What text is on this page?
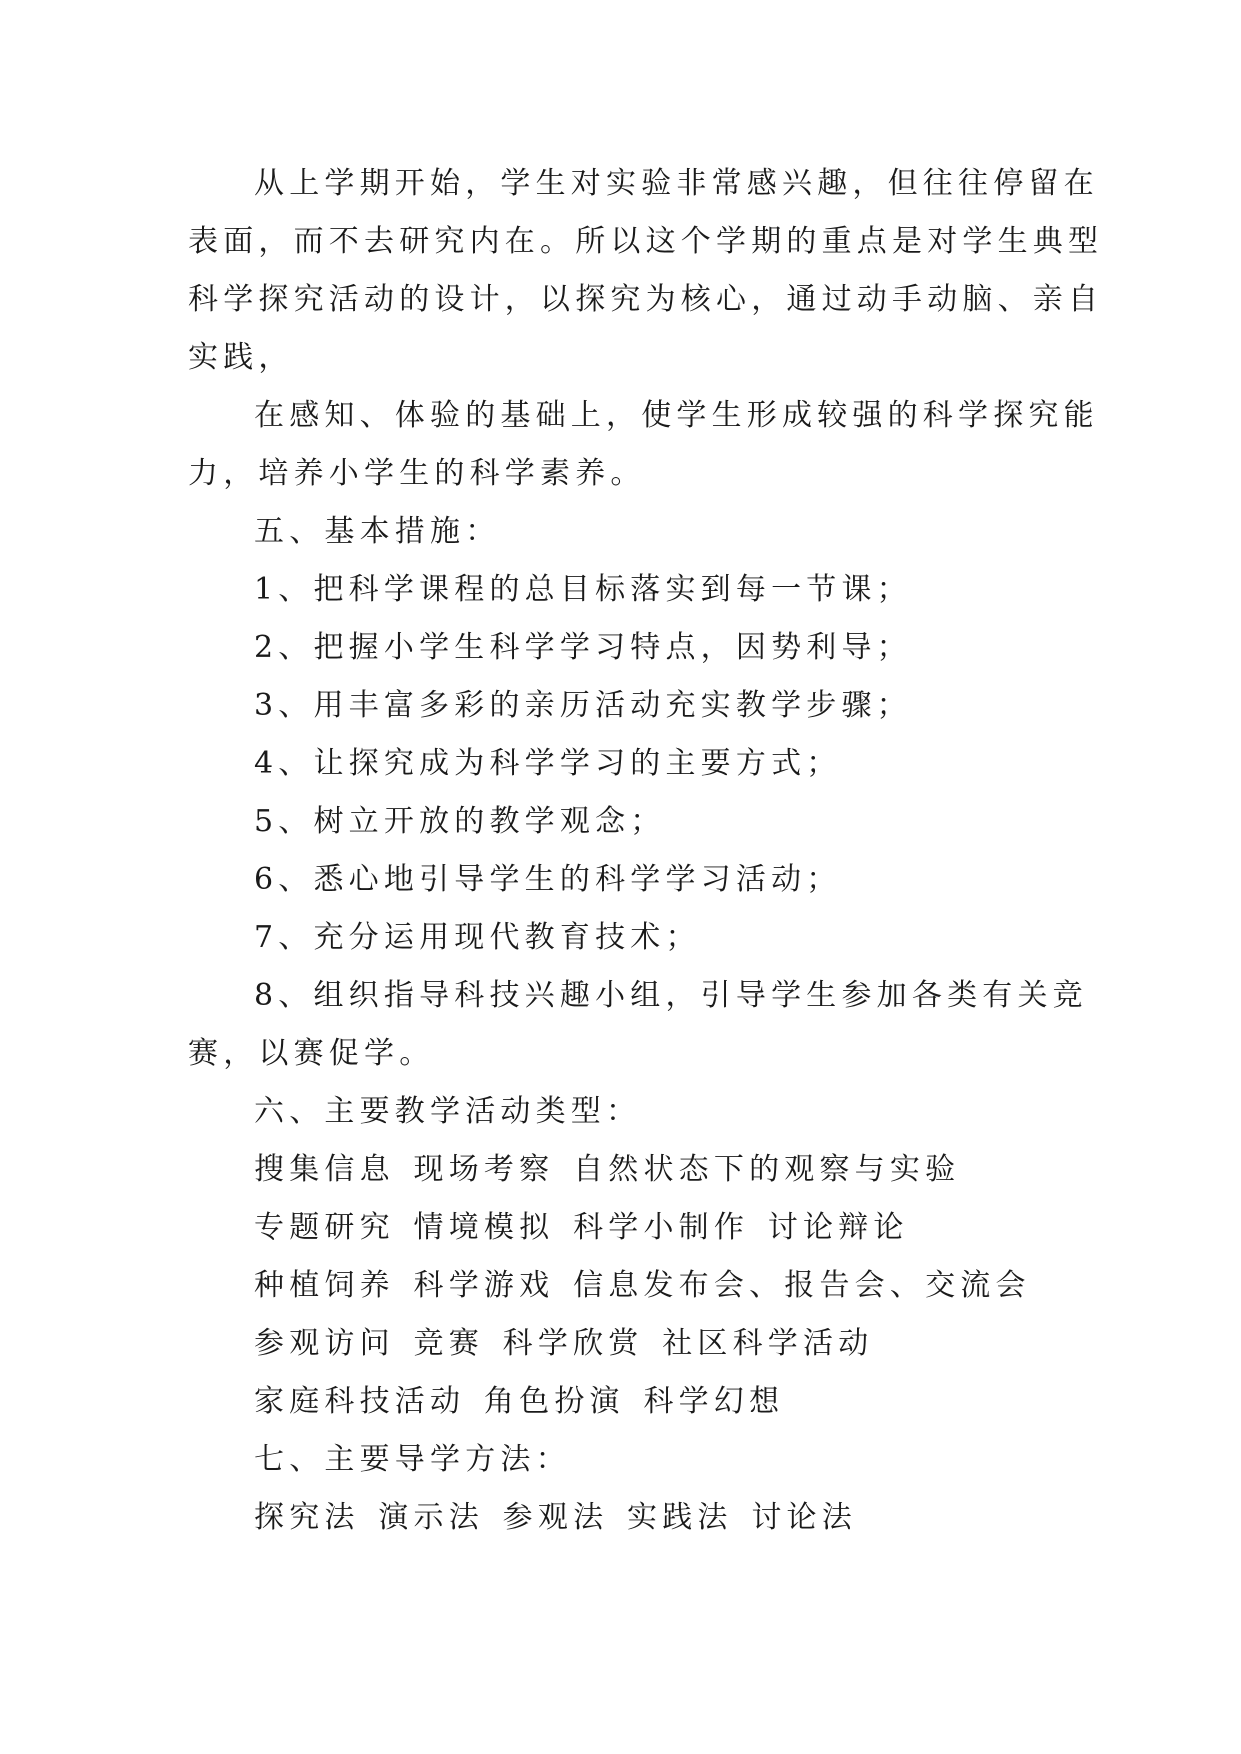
从上学期开始，学生对实验非常感兴趣，但往往停留在

表面，而不去研究内在。所以这个学期的重点是对学生典型

科学探究活动的设计，以探究为核心，通过动手动脑、亲自

实践，

在感知、体验的基础上，使学生形成较强的科学探究能

力，培养小学生的科学素养。

五、基本措施：

1、把科学课程的总目标落实到每一节课；

2、把握小学生科学学习特点，因势利导；

3、用丰富多彩的亲历活动充实教学步骤；

4、让探究成为科学学习的主要方式；

5、树立开放的教学观念；

6、悉心地引导学生的科学学习活动；

7、充分运用现代教育技术；

8、组织指导科技兴趣小组，引导学生参加各类有关竞

赛，以赛促学。

六、主要教学活动类型：

搜集信息 现场考察 自然状态下的观察与实验

专题研究 情境模拟 科学小制作 讨论辩论

种植饲养 科学游戏 信息发布会、报告会、交流会

参观访问 竞赛 科学欣赏 社区科学活动

家庭科技活动 角色扮演 科学幻想

七、主要导学方法：

探究法 演示法 参观法 实践法 讨论法
